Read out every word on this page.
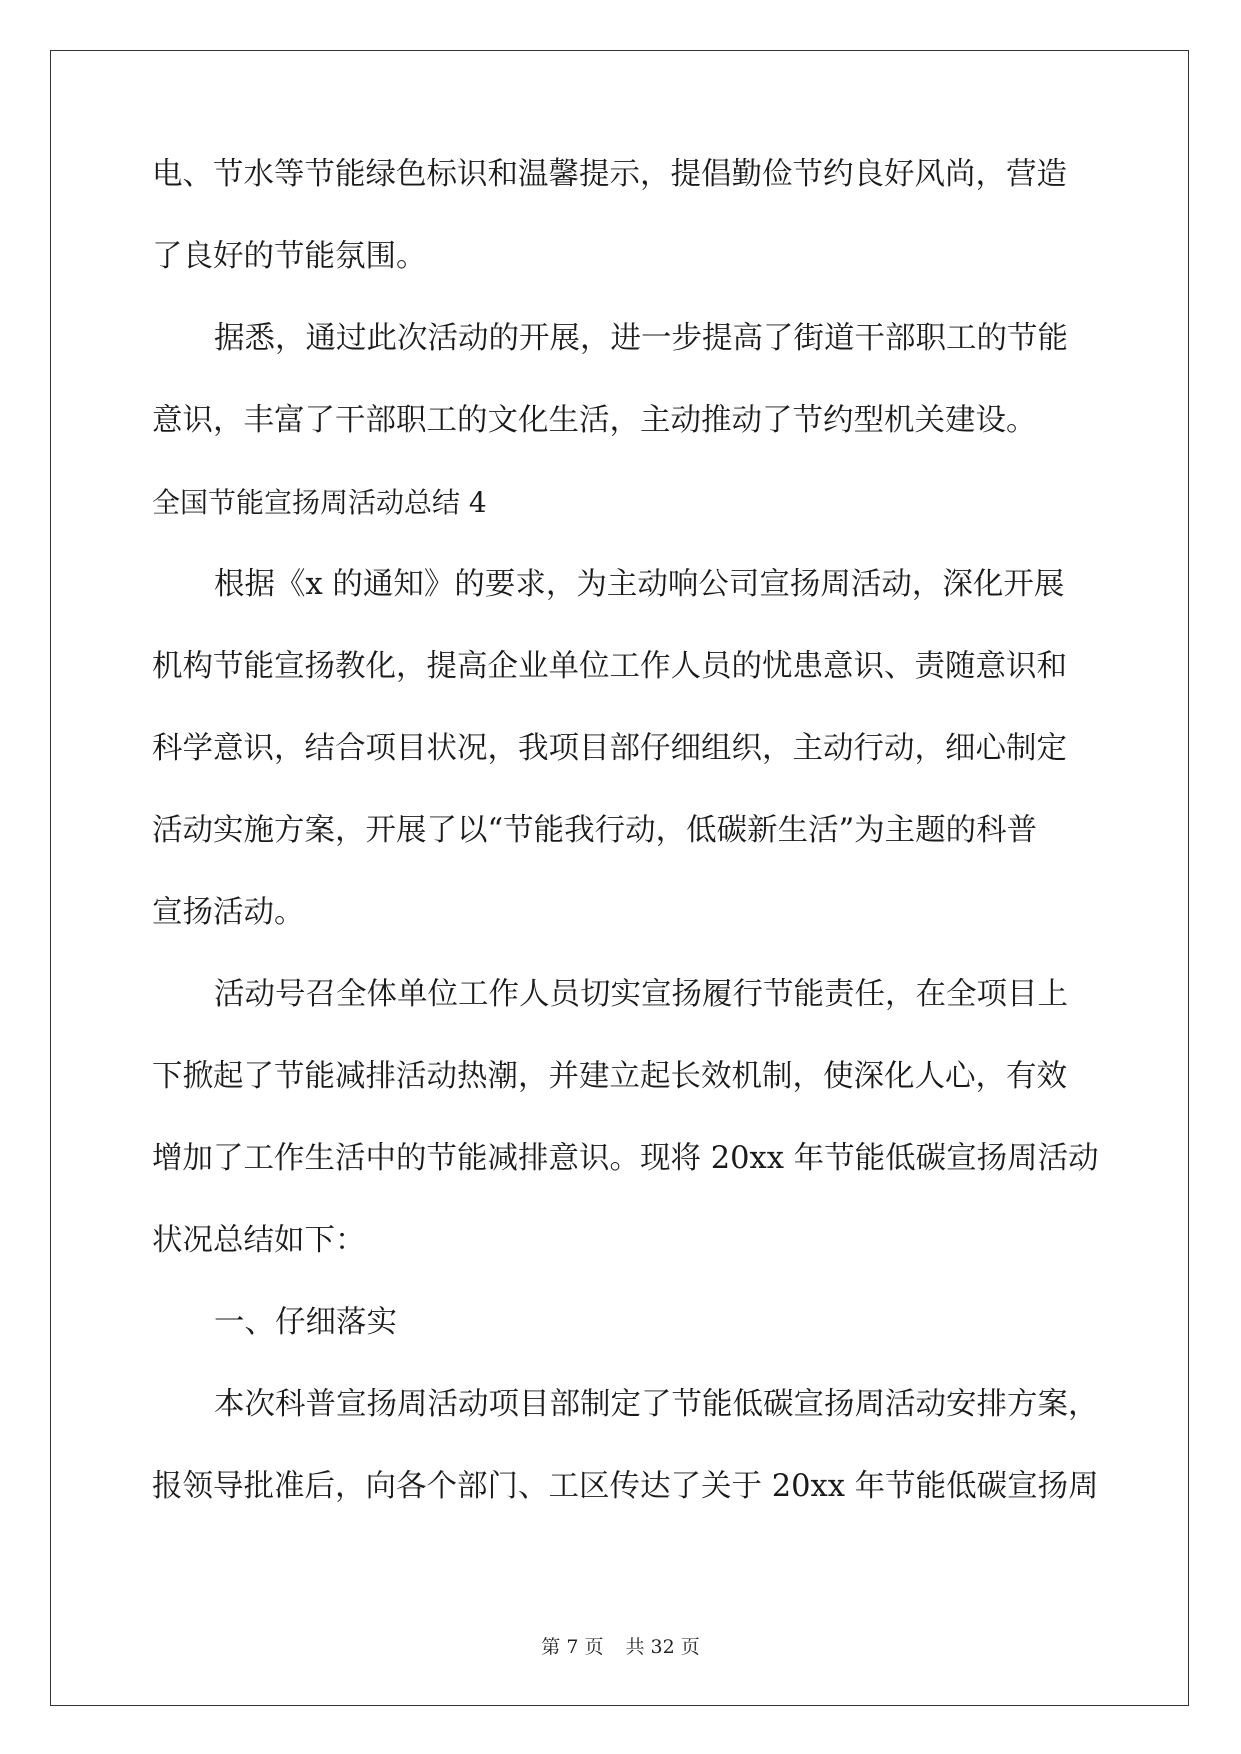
电、节水等节能绿色标识和温馨提示，提倡勤俭节约良好风尚，营造

了良好的节能氛围。

据悉，通过此次活动的开展，进一步提高了街道干部职工的节能

意识，丰富了干部职工的文化生活，主动推动了节约型机关建设。

全国节能宣扬周活动总结 4

根据《x 的通知》的要求，为主动响公司宣扬周活动，深化开展

机构节能宣扬教化，提高企业单位工作人员的忧患意识、责随意识和

科学意识，结合项目状况，我项目部仔细组织，主动行动，细心制定

活动实施方案，开展了以“节能我行动，低碳新生活”为主题的科普

宣扬活动。

活动号召全体单位工作人员切实宣扬履行节能责任，在全项目上

下掀起了节能减排活动热潮，并建立起长效机制，使深化人心，有效

增加了工作生活中的节能减排意识。现将 20xx 年节能低碳宣扬周活动

状况总结如下：

一、仔细落实

本次科普宣扬周活动项目部制定了节能低碳宣扬周活动安排方案，

报领导批准后，向各个部门、工区传达了关于 20xx 年节能低碳宣扬周

第 7 页 共 32 页
